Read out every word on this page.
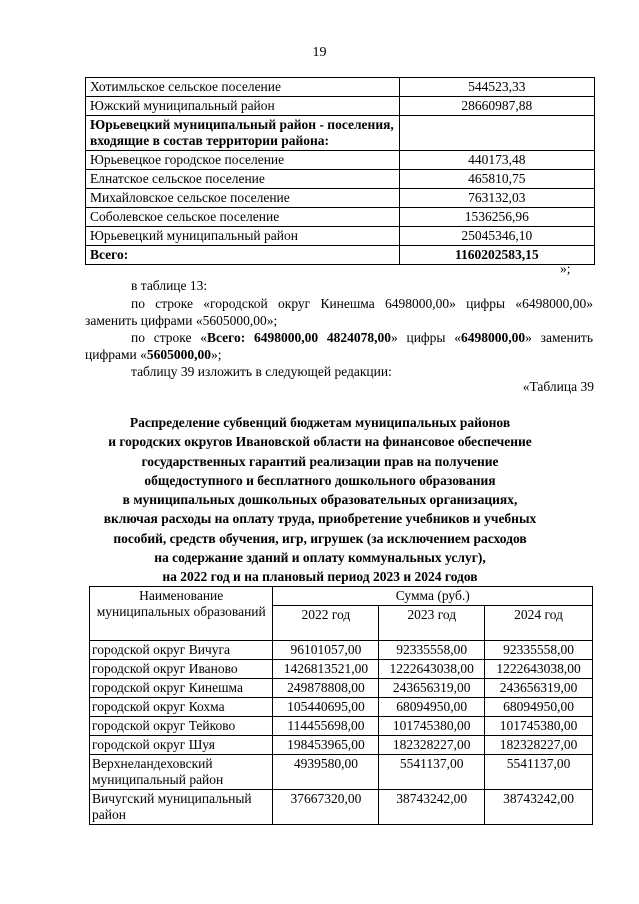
19
Хотимльское сельское поселение	544523,33
Южский муниципальный район	28660987,88
Юрьевецкий муниципальный район - поселения, входящие в состав территории района:	
Юрьевецкое городское поселение	440173,48
Елнатское сельское поселение	465810,75
Михайловское сельское поселение	763132,03
Соболевское сельское поселение	1536256,96
Юрьевецкий муниципальный район	25045346,10
Всего:	1160202583,15
»;
в таблице 13:
по строке «городской округ Кинешма 6498000,00» цифры «6498000,00» заменить цифрами «5605000,00»;
по строке «Всего: 6498000,00 4824078,00» цифры «6498000,00» заменить цифрами «5605000,00»;
таблицу 39 изложить в следующей редакции:
«Таблица 39
Распределение субвенций бюджетам муниципальных районов
и городских округов Ивановской области на финансовое обеспечение
государственных гарантий реализации прав на получение
общедоступного и бесплатного дошкольного образования
в муниципальных дошкольных образовательных организациях,
включая расходы на оплату труда, приобретение учебников и учебных
пособий, средств обучения, игр, игрушек (за исключением расходов
на содержание зданий и оплату коммунальных услуг),
на 2022 год и на плановый период 2023 и 2024 годов
Наименование муниципальных образований	Сумма (руб.)		
	2022 год	2023 год	2024 год
городской округ Вичуга	96101057,00	92335558,00	92335558,00
городской округ Иваново	1426813521,00	1222643038,00	1222643038,00
городской округ Кинешма	249878808,00	243656319,00	243656319,00
городской округ Кохма	105440695,00	68094950,00	68094950,00
городской округ Тейково	114455698,00	101745380,00	101745380,00
городской округ Шуя	198453965,00	182328227,00	182328227,00
Верхнеландеховский муниципальный район	4939580,00	5541137,00	5541137,00
Вичугский муниципальный район	37667320,00	38743242,00	38743242,00
